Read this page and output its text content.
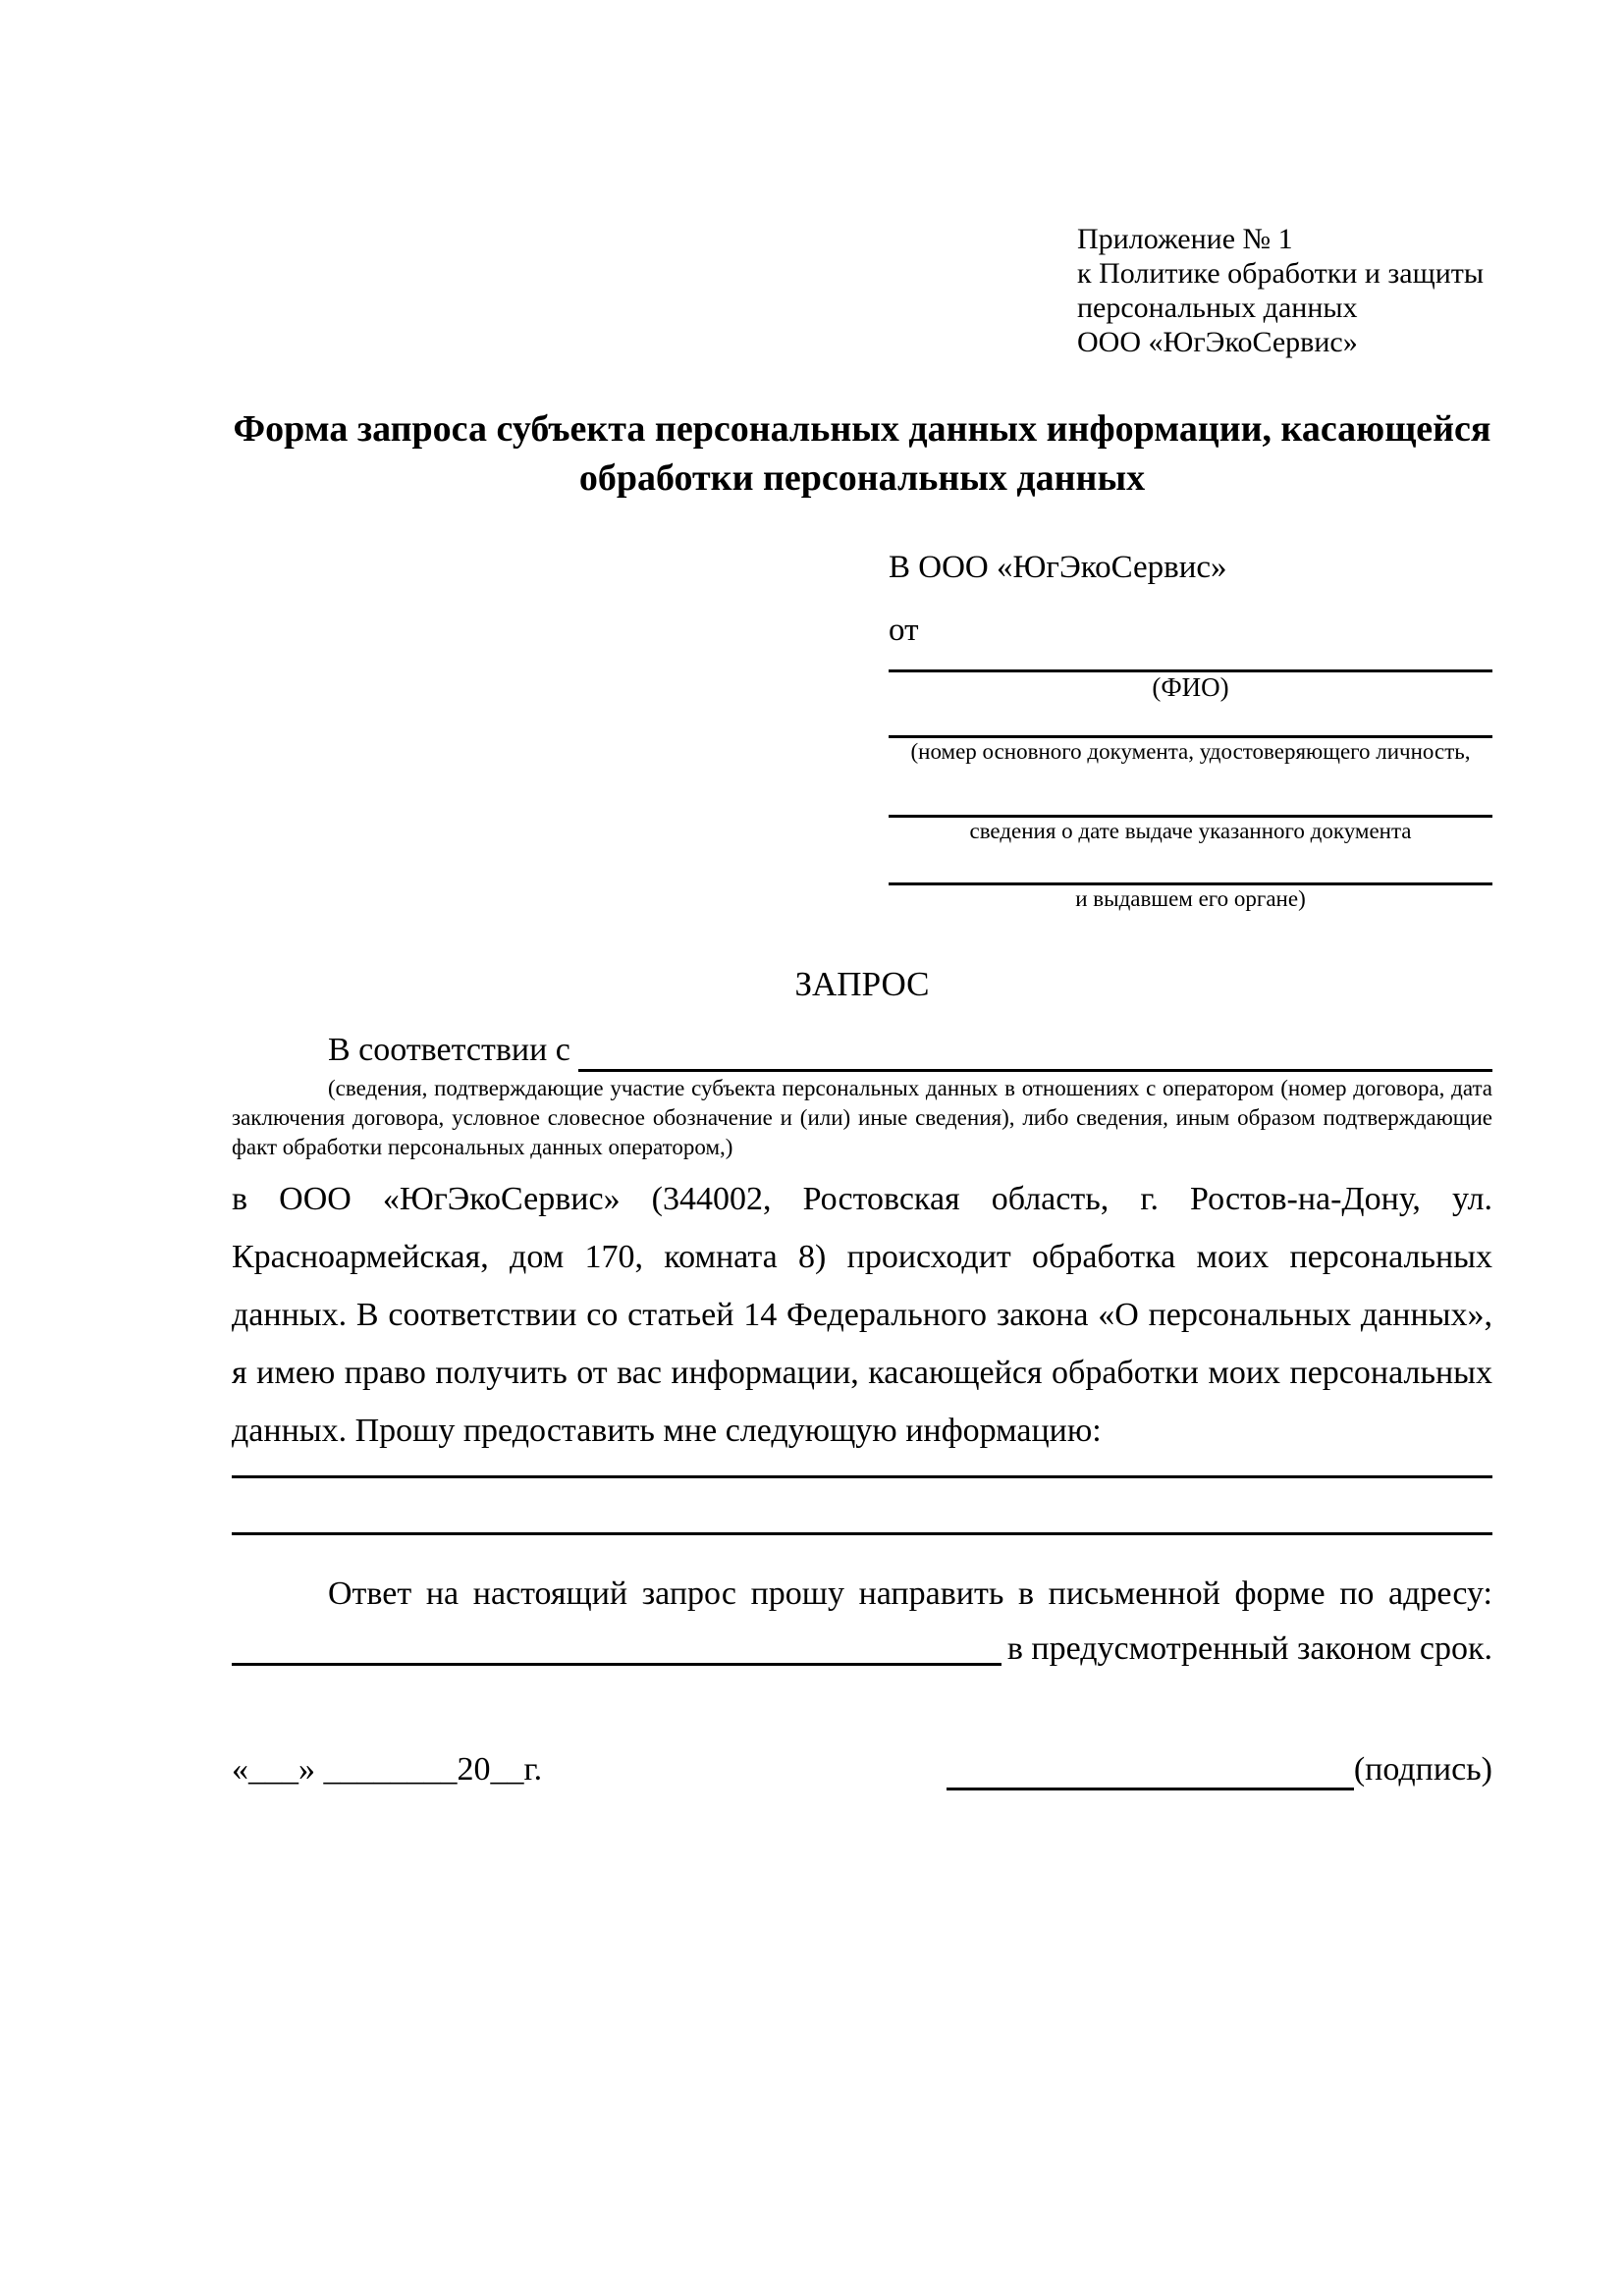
Приложение № 1
к Политике обработки и защиты
персональных данных
ООО «ЮгЭкоСервис»
Форма запроса субъекта персональных данных информации, касающейся обработки персональных данных
В ООО «ЮгЭкоСервис»
от
(ФИО)
(номер основного документа, удостоверяющего личность,
сведения о дате выдаче указанного документа
и выдавшем его органе)
ЗАПРОС
В соответствии с
(сведения, подтверждающие участие субъекта персональных данных в отношениях с оператором (номер договора, дата заключения договора, условное словесное обозначение и (или) иные сведения), либо сведения, иным образом подтверждающие факт обработки персональных данных оператором,)
в ООО «ЮгЭкоСервис» (344002, Ростовская область, г. Ростов-на-Дону, ул. Красноармейская, дом 170, комната 8) происходит обработка моих персональных данных. В соответствии со статьей 14 Федерального закона «О персональных данных», я имею право получить от вас информации, касающейся обработки моих персональных данных. Прошу предоставить мне следующую информацию:
Ответ на настоящий запрос прошу направить в письменной форме по адресу:
в предусмотренный законом срок.
«___» ________20__г.	(подпись)
